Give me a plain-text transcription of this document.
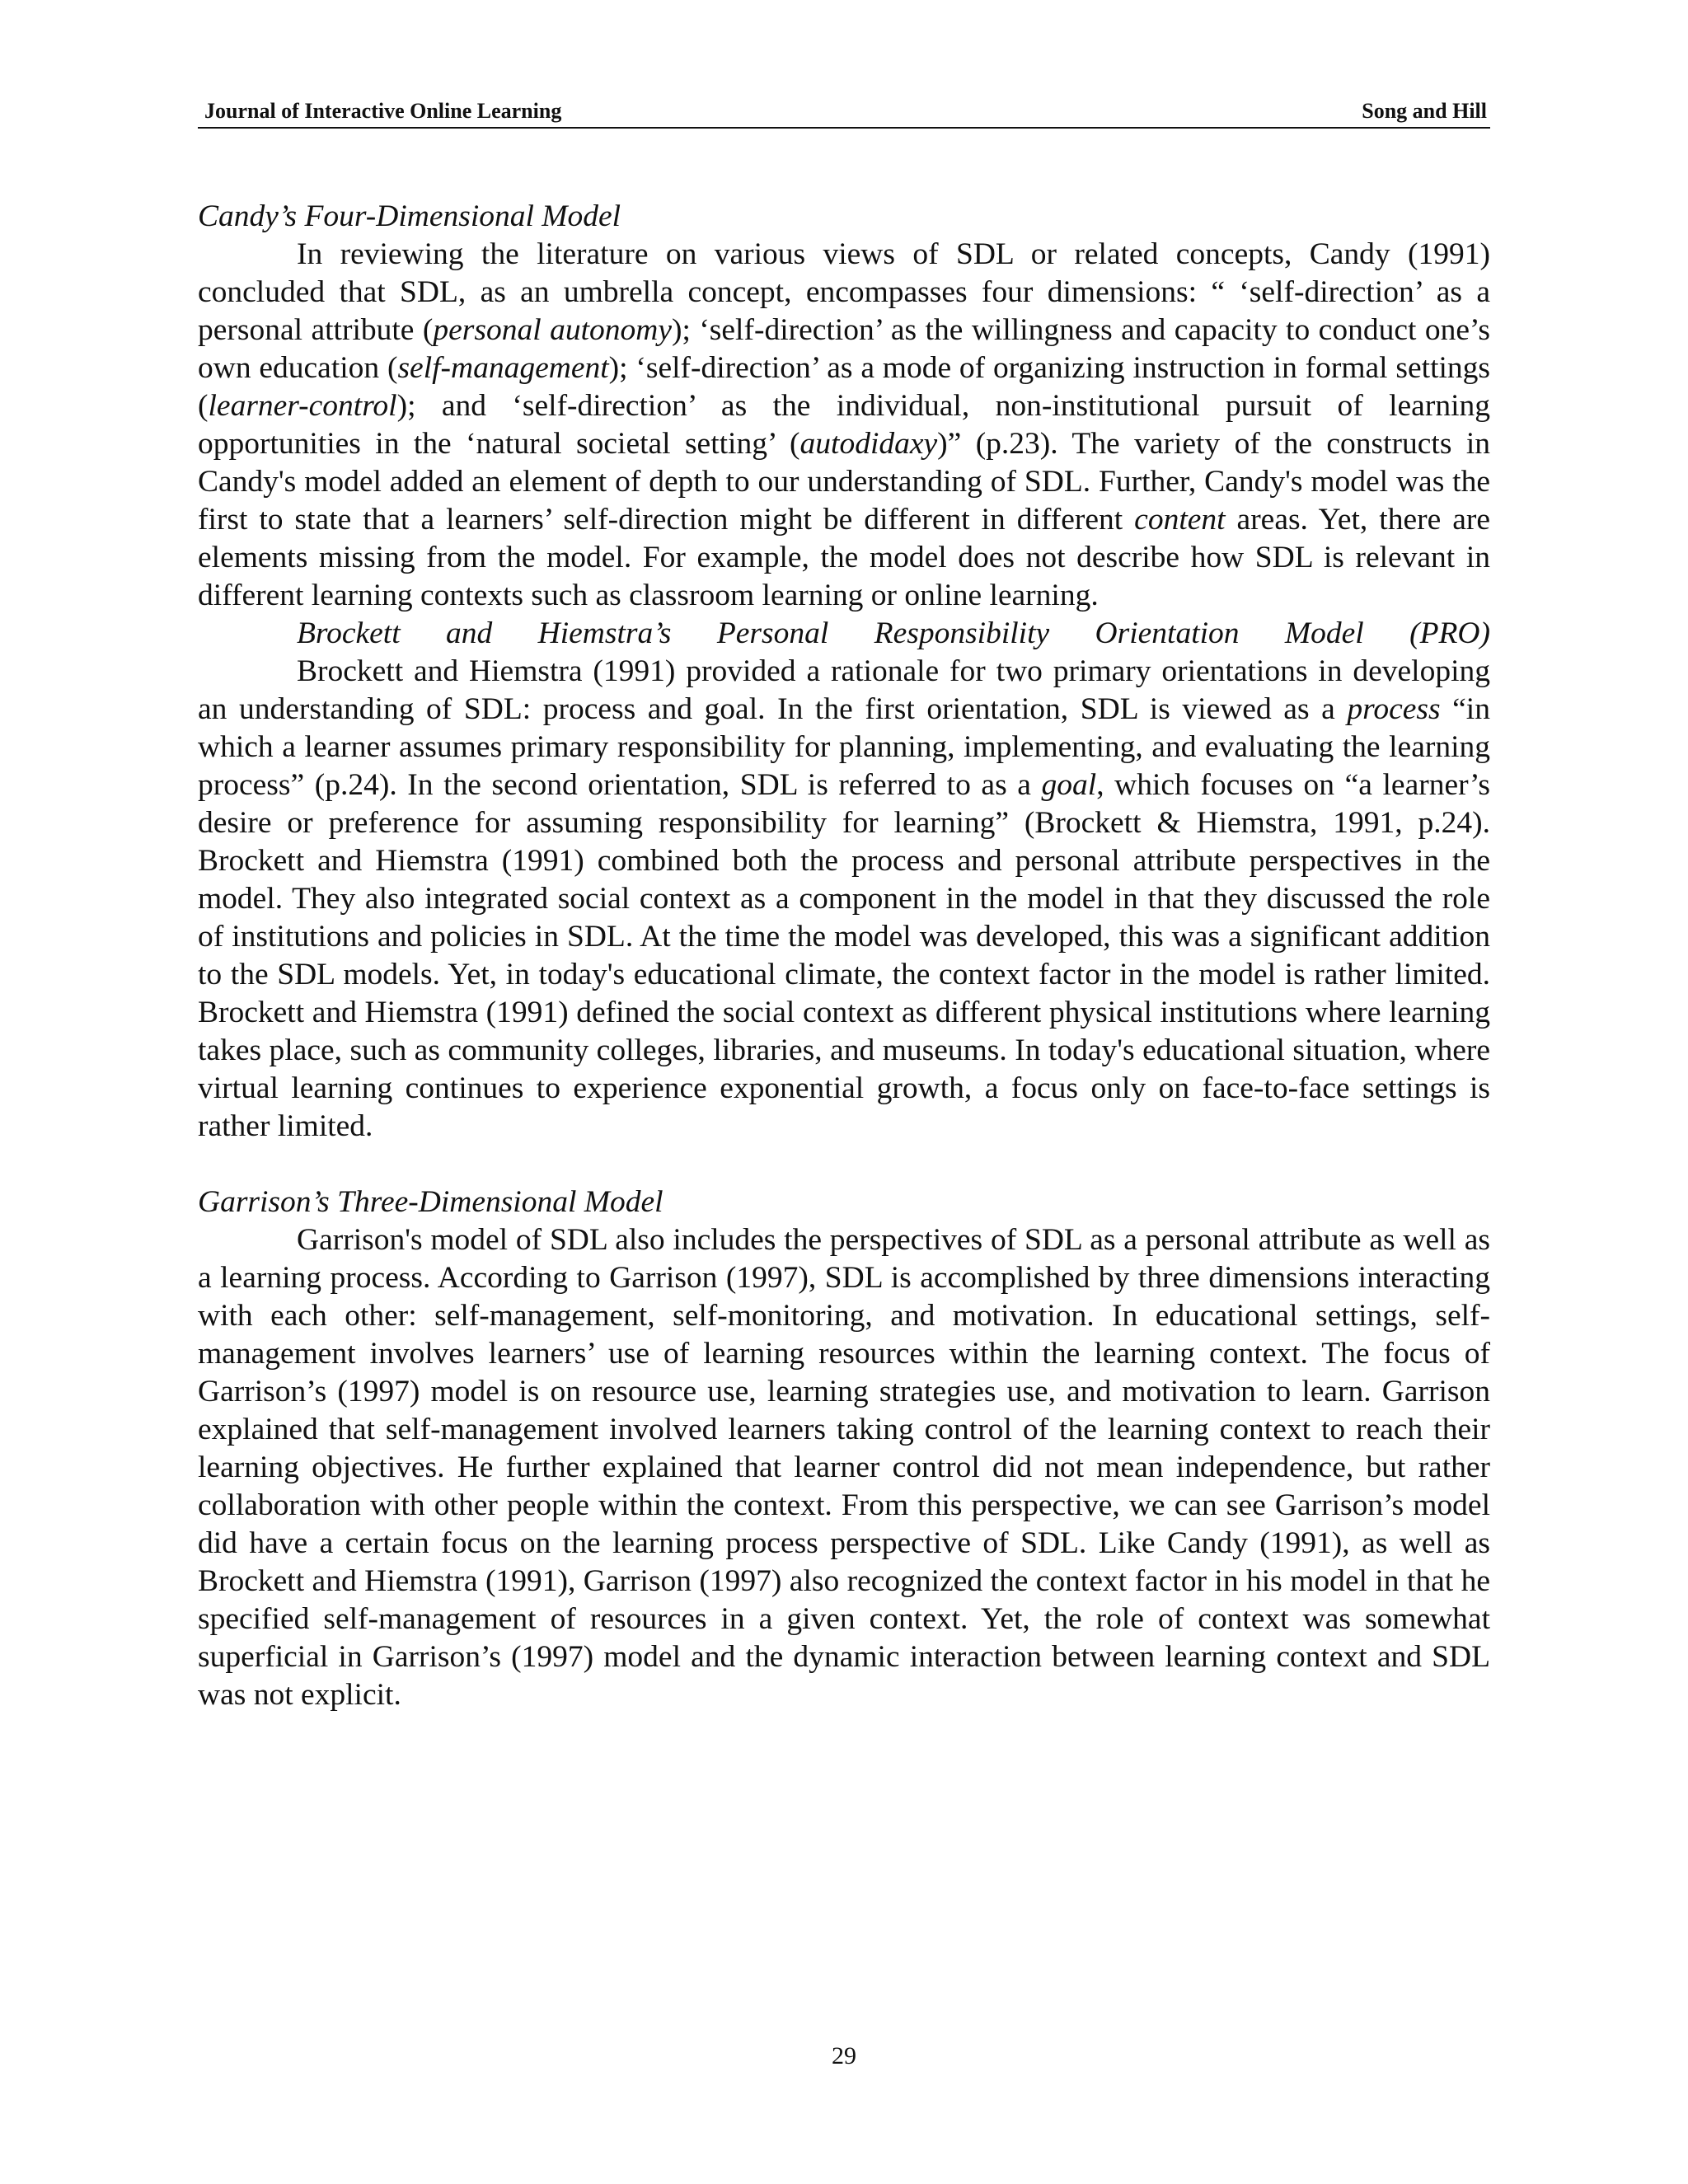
Journal of Interactive Online Learning	Song and Hill
Candy’s Four-Dimensional Model

In reviewing the literature on various views of SDL or related concepts, Candy (1991) concluded that SDL, as an umbrella concept, encompasses four dimensions: “ ‘self-direction’ as a personal attribute (personal autonomy); ‘self-direction’ as the willingness and capacity to conduct one’s own education (self-management); ‘self-direction’ as a mode of organizing instruction in formal settings (learner-control); and ‘self-direction’ as the individual, non-institutional pursuit of learning opportunities in the ‘natural societal setting’ (autodidaxy)” (p.23). The variety of the constructs in Candy's model added an element of depth to our understanding of SDL. Further, Candy's model was the first to state that a learners’ self-direction might be different in different content areas. Yet, there are elements missing from the model. For example, the model does not describe how SDL is relevant in different learning contexts such as classroom learning or online learning.

Brockett and Hiemstra’s Personal Responsibility Orientation Model (PRO)

Brockett and Hiemstra (1991) provided a rationale for two primary orientations in developing an understanding of SDL: process and goal. In the first orientation, SDL is viewed as a process “in which a learner assumes primary responsibility for planning, implementing, and evaluating the learning process” (p.24). In the second orientation, SDL is referred to as a goal, which focuses on “a learner’s desire or preference for assuming responsibility for learning” (Brockett & Hiemstra, 1991, p.24). Brockett and Hiemstra (1991) combined both the process and personal attribute perspectives in the model. They also integrated social context as a component in the model in that they discussed the role of institutions and policies in SDL. At the time the model was developed, this was a significant addition to the SDL models. Yet, in today's educational climate, the context factor in the model is rather limited. Brockett and Hiemstra (1991) defined the social context as different physical institutions where learning takes place, such as community colleges, libraries, and museums. In today's educational situation, where virtual learning continues to experience exponential growth, a focus only on face-to-face settings is rather limited.

Garrison’s Three-Dimensional Model

Garrison's model of SDL also includes the perspectives of SDL as a personal attribute as well as a learning process. According to Garrison (1997), SDL is accomplished by three dimensions interacting with each other: self-management, self-monitoring, and motivation. In educational settings, self-management involves learners’ use of learning resources within the learning context. The focus of Garrison’s (1997) model is on resource use, learning strategies use, and motivation to learn. Garrison explained that self-management involved learners taking control of the learning context to reach their learning objectives. He further explained that learner control did not mean independence, but rather collaboration with other people within the context. From this perspective, we can see Garrison’s model did have a certain focus on the learning process perspective of SDL. Like Candy (1991), as well as Brockett and Hiemstra (1991), Garrison (1997) also recognized the context factor in his model in that he specified self-management of resources in a given context. Yet, the role of context was somewhat superficial in Garrison’s (1997) model and the dynamic interaction between learning context and SDL was not explicit.

29
